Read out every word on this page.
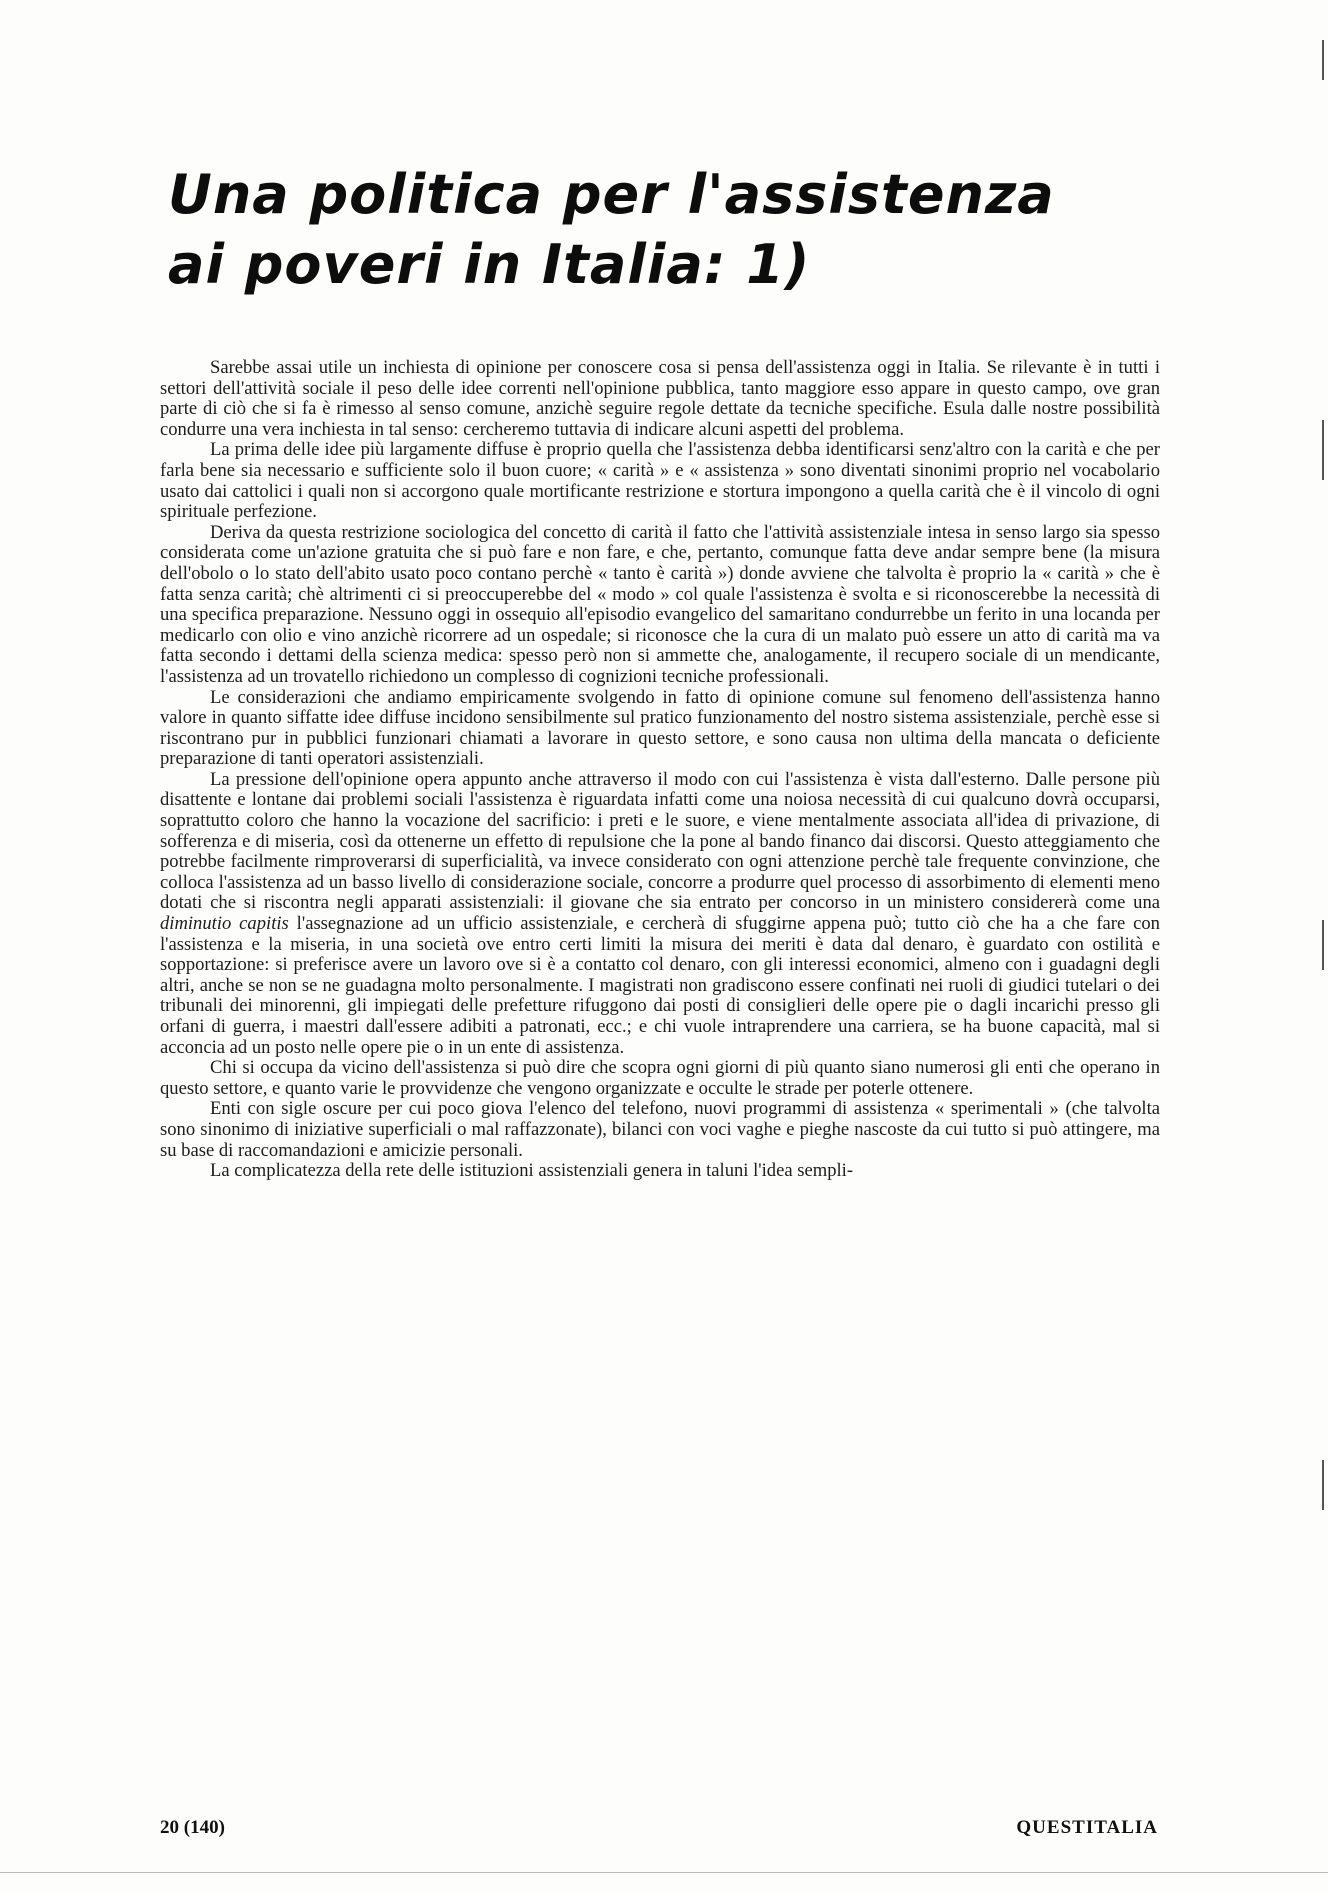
Una politica per l'assistenza
ai poveri in Italia: 1)

Sarebbe assai utile un inchiesta di opinione per conoscere cosa si pensa dell'assistenza oggi in Italia. Se rilevante è in tutti i settori dell'attività sociale il peso delle idee correnti nell'opinione pubblica, tanto maggiore esso appare in questo campo, ove gran parte di ciò che si fa è rimesso al senso comune, anzichè seguire regole dettate da tecniche specifiche. Esula dalle nostre possibilità condurre una vera inchiesta in tal senso: cercheremo tuttavia di indicare alcuni aspetti del problema.

La prima delle idee più largamente diffuse è proprio quella che l'assistenza debba identificarsi senz'altro con la carità e che per farla bene sia necessario e sufficiente solo il buon cuore; « carità » e « assistenza » sono diventati sinonimi proprio nel vocabolario usato dai cattolici i quali non si accorgono quale mortificante restrizione e stortura impongono a quella carità che è il vincolo di ogni spirituale perfezione.

Deriva da questa restrizione sociologica del concetto di carità il fatto che l'attività assistenziale intesa in senso largo sia spesso considerata come un'azione gratuita che si può fare e non fare, e che, pertanto, comunque fatta deve andar sempre bene (la misura dell'obolo o lo stato dell'abito usato poco contano perchè « tanto è carità ») donde avviene che talvolta è proprio la « carità » che è fatta senza carità; chè altrimenti ci si preoccuperebbe del « modo » col quale l'assistenza è svolta e si riconoscerebbe la necessità di una specifica preparazione. Nessuno oggi in ossequio all'episodio evangelico del samaritano condurrebbe un ferito in una locanda per medicarlo con olio e vino anzichè ricorrere ad un ospedale; si riconosce che la cura di un malato può essere un atto di carità ma va fatta secondo i dettami della scienza medica: spesso però non si ammette che, analogamente, il recupero sociale di un mendicante, l'assistenza ad un trovatello richiedono un complesso di cognizioni tecniche professionali.

Le considerazioni che andiamo empiricamente svolgendo in fatto di opinione comune sul fenomeno dell'assistenza hanno valore in quanto siffatte idee diffuse incidono sensibilmente sul pratico funzionamento del nostro sistema assistenziale, perchè esse si riscontrano pur in pubblici funzionari chiamati a lavorare in questo settore, e sono causa non ultima della mancata o deficiente preparazione di tanti operatori assistenziali.

La pressione dell'opinione opera appunto anche attraverso il modo con cui l'assistenza è vista dall'esterno. Dalle persone più disattente e lontane dai problemi sociali l'assistenza è riguardata infatti come una noiosa necessità di cui qualcuno dovrà occuparsi, soprattutto coloro che hanno la vocazione del sacrificio: i preti e le suore, e viene mentalmente associata all'idea di privazione, di sofferenza e di miseria, così da ottenerne un effetto di repulsione che la pone al bando financo dai discorsi. Questo atteggiamento che potrebbe facilmente rimproverarsi di superficialità, va invece considerato con ogni attenzione perchè tale frequente convinzione, che colloca l'assistenza ad un basso livello di considerazione sociale, concorre a produrre quel processo di assorbimento di elementi meno dotati che si riscontra negli apparati assistenziali: il giovane che sia entrato per concorso in un ministero considererà come una diminutio capitis l'assegnazione ad un ufficio assistenziale, e cercherà di sfuggirne appena può; tutto ciò che ha a che fare con l'assistenza e la miseria, in una società ove entro certi limiti la misura dei meriti è data dal denaro, è guardato con ostilità e sopportazione: si preferisce avere un lavoro ove si è a contatto col denaro, con gli interessi economici, almeno con i guadagni degli altri, anche se non se ne guadagna molto personalmente. I magistrati non gradiscono essere confinati nei ruoli di giudici tutelari o dei tribunali dei minorenni, gli impiegati delle prefetture rifuggono dai posti di consiglieri delle opere pie o dagli incarichi presso gli orfani di guerra, i maestri dall'essere adibiti a patronati, ecc.; e chi vuole intraprendere una carriera, se ha buone capacità, mal si acconcia ad un posto nelle opere pie o in un ente di assistenza.

Chi si occupa da vicino dell'assistenza si può dire che scopra ogni giorni di più quanto siano numerosi gli enti che operano in questo settore, e quanto varie le provvidenze che vengono organizzate e occulte le strade per poterle ottenere.

Enti con sigle oscure per cui poco giova l'elenco del telefono, nuovi programmi di assistenza « sperimentali » (che talvolta sono sinonimo di iniziative superficiali o mal raffazzonate), bilanci con voci vaghe e pieghe nascoste da cui tutto si può attingere, ma su base di raccomandazioni e amicizie personali.

La complicatezza della rete delle istituzioni assistenziali genera in taluni l'idea sempli-

20 (140)	QUESTITALIA
